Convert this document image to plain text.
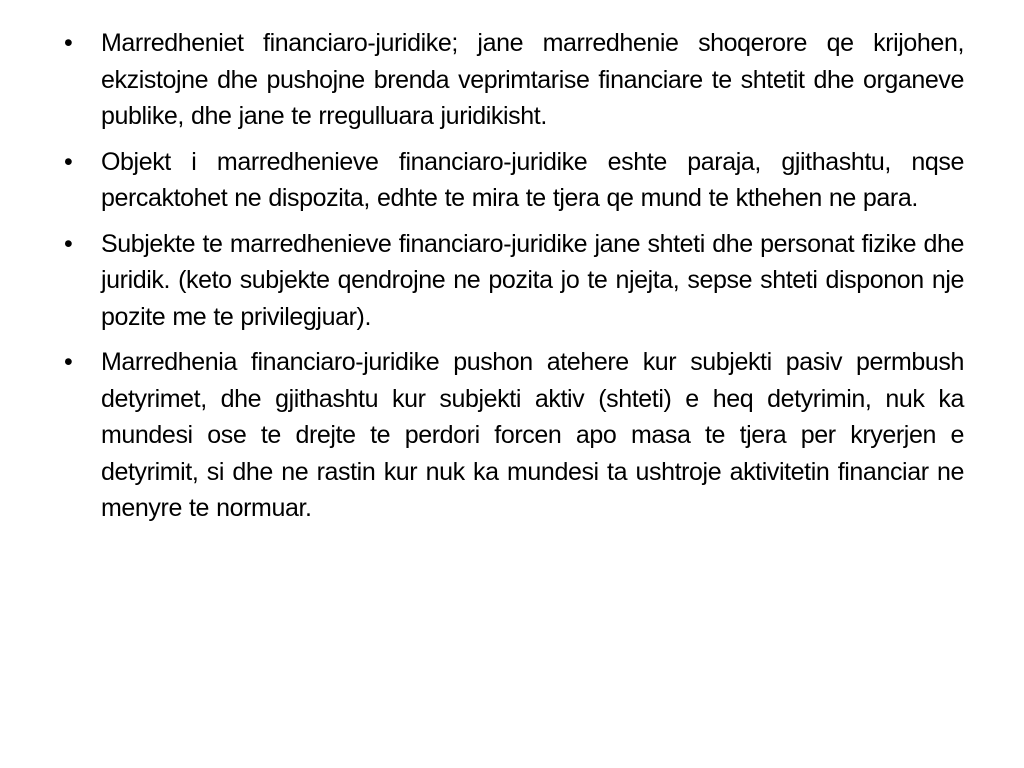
•	Marredheniet financiaro-juridike; jane marredhenie shoqerore qe krijohen, ekzistojne dhe pushojne brenda veprimtarise financiare te shtetit dhe organeve publike, dhe jane te rregulluara juridikisht.
•	Objekt i marredhenieve financiaro-juridike eshte paraja, gjithashtu, nqse percaktohet ne dispozita, edhte te mira te tjera qe mund te kthehen ne para.
•	Subjekte te marredhenieve financiaro-juridike jane shteti dhe personat fizike dhe juridik. (keto subjekte qendrojne ne pozita jo te njejta, sepse shteti disponon nje pozite me te privilegjuar).
•	Marredhenia financiaro-juridike pushon atehere kur subjekti pasiv permbush detyrimet, dhe gjithashtu kur subjekti aktiv (shteti) e heq detyrimin, nuk ka mundesi ose te drejte te perdori forcen apo masa te tjera per kryerjen e detyrimit, si dhe ne rastin kur nuk ka mundesi ta ushtroje aktivitetin financiar ne menyre te normuar.
